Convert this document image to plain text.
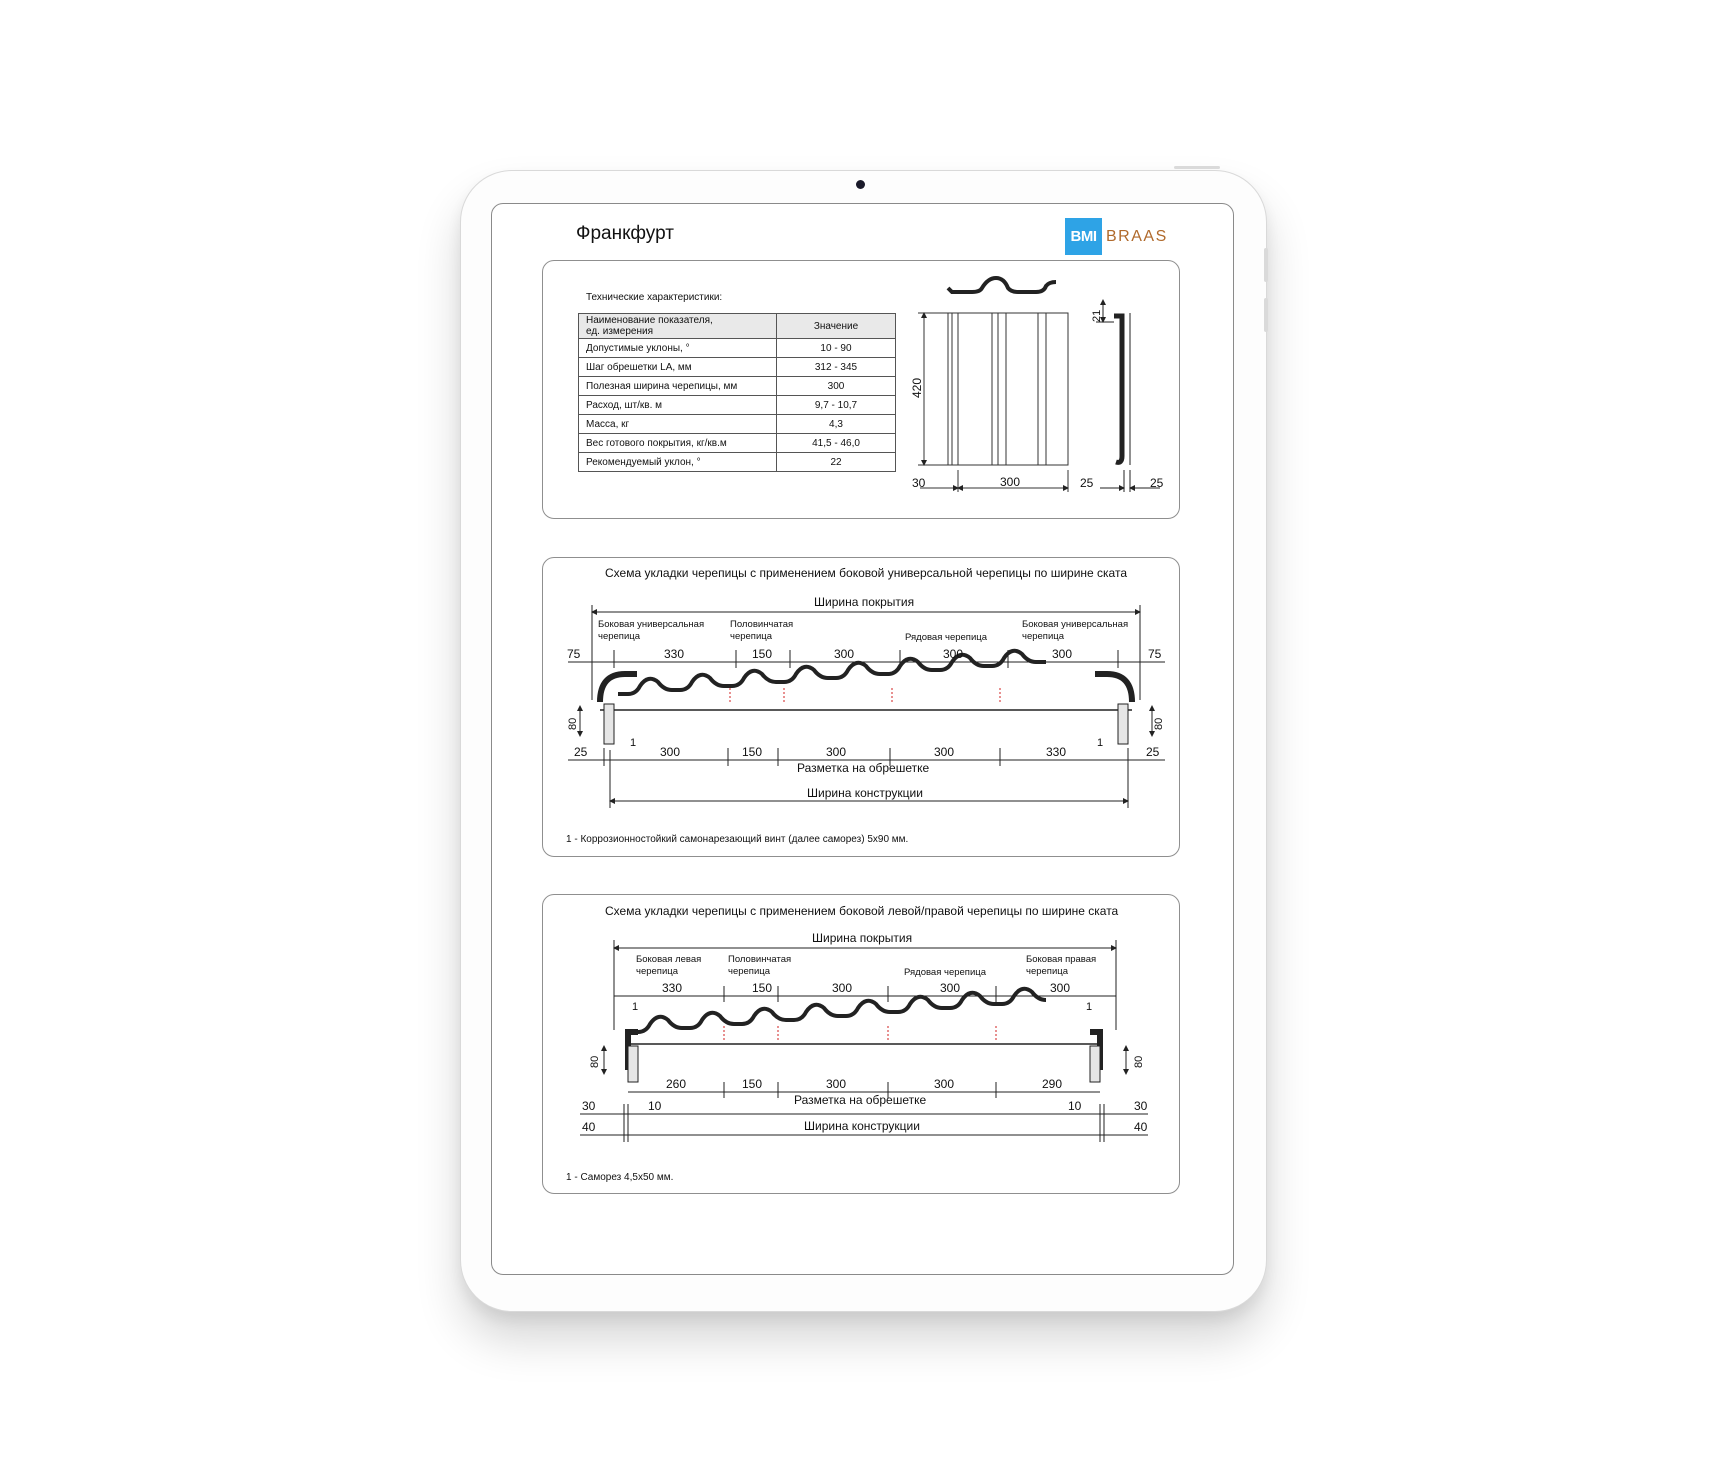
Франкфурт	BMI BRAAS
Технические характеристики:
Наименование показателя,
ед. измерения	Значение
Допустимые уклоны, °	10 - 90
Шаг обрешетки LA, мм	312 - 345
Полезная ширина черепицы, мм	300
Расход, шт/кв. м	9,7 - 10,7
Масса, кг	4,3
Вес готового покрытия, кг/кв.м	41,5 - 46,0
Рекомендуемый уклон, °	22
420
30	300	25	25
21
Схема укладки черепицы с применением боковой универсальной черепицы по ширине ската
Ширина покрытия
Боковая универсальная черепица
Половинчатая черепица	Рядовая черепица
Боковая универсальная черепица
75	330	150	300	300	300	75
80	80
1	1
25	300	150	300	300	330	25
Разметка на обрешетке
Ширина конструкции
1 - Коррозионностойкий самонарезающий винт (далее саморез) 5х90 мм.
Схема укладки черепицы с применением боковой левой/правой черепицы по ширине ската
Ширина покрытия
Боковая левая черепица
Половинчатая черепица	Рядовая черепица
Боковая правая черепица
330	150	300	300	300
80	80
1	1
260	150	300	300	290
Разметка на обрешетке
30	10	10	30
40	40
Ширина конструкции
1 - Саморез 4,5х50 мм.
